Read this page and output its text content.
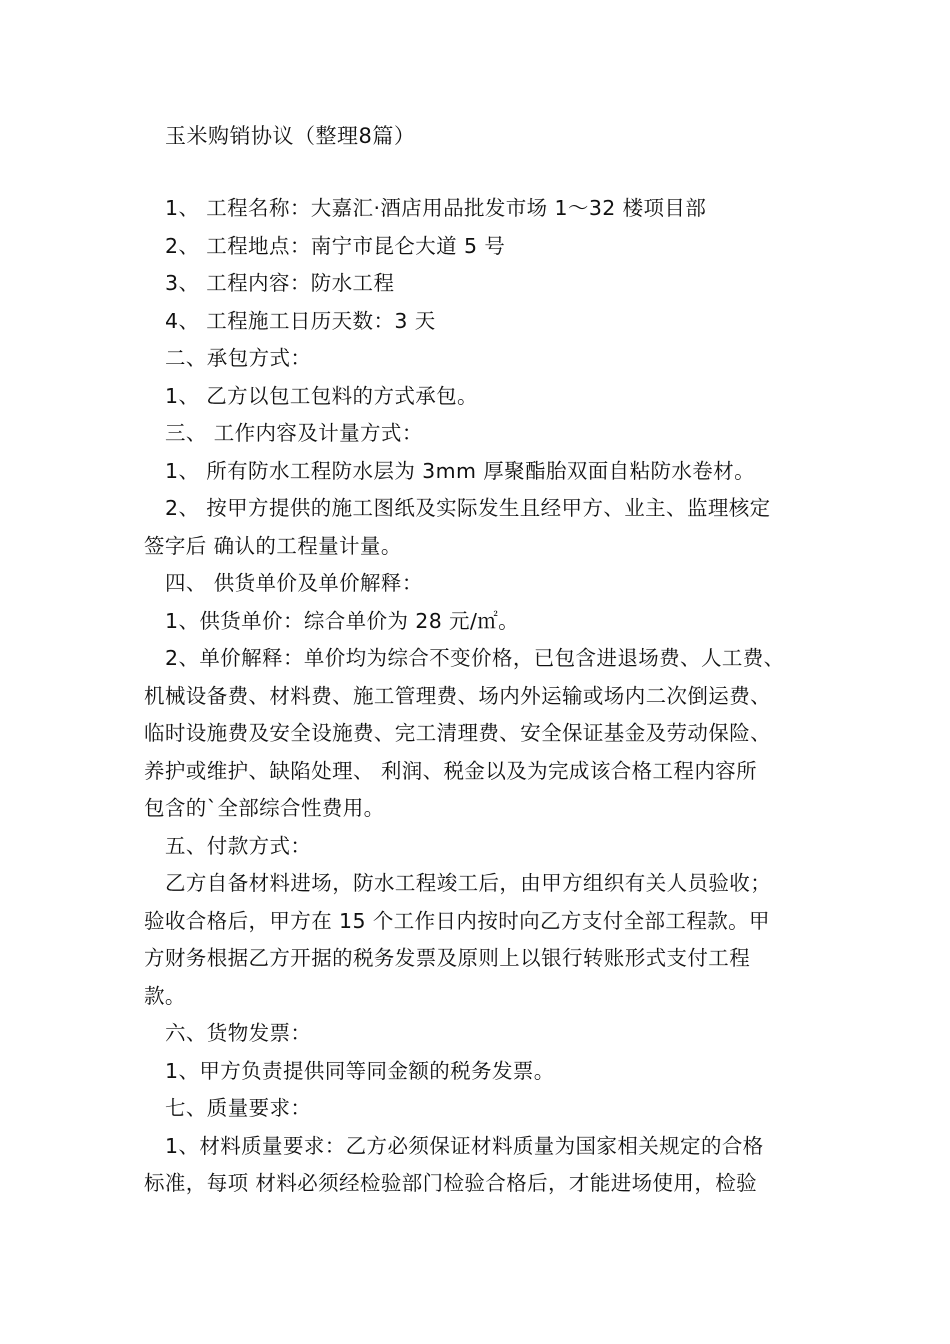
玉米购销协议（整理8篇）

1、 工程名称：大嘉汇·酒店用品批发市场 1～32 楼项目部

2、 工程地点：南宁市昆仑大道 5 号

3、 工程内容：防水工程

4、 工程施工日历天数：3 天

二、承包方式：

1、 乙方以包工包料的方式承包。

三、 工作内容及计量方式：

1、 所有防水工程防水层为 3mm 厚聚酯胎双面自粘防水卷材。

2、 按甲方提供的施工图纸及实际发生且经甲方、业主、监理核定

签字后 确认的工程量计量。

四、 供货单价及单价解释：

1、供货单价：综合单价为 28 元/㎡。

2、单价解释：单价均为综合不变价格，已包含进退场费、人工费、

机械设备费、材料费、施工管理费、场内外运输或场内二次倒运费、

临时设施费及安全设施费、完工清理费、安全保证基金及劳动保险、

养护或维护、缺陷处理、 利润、税金以及为完成该合格工程内容所

包含的`全部综合性费用。

五、付款方式：

乙方自备材料进场，防水工程竣工后，由甲方组织有关人员验收；

验收合格后，甲方在 15 个工作日内按时向乙方支付全部工程款。甲

方财务根据乙方开据的税务发票及原则上以银行转账形式支付工程

款。

六、货物发票：

1、甲方负责提供同等同金额的税务发票。

七、质量要求：

1、材料质量要求：乙方必须保证材料质量为国家相关规定的合格

标准，每项 材料必须经检验部门检验合格后，才能进场使用，检验
